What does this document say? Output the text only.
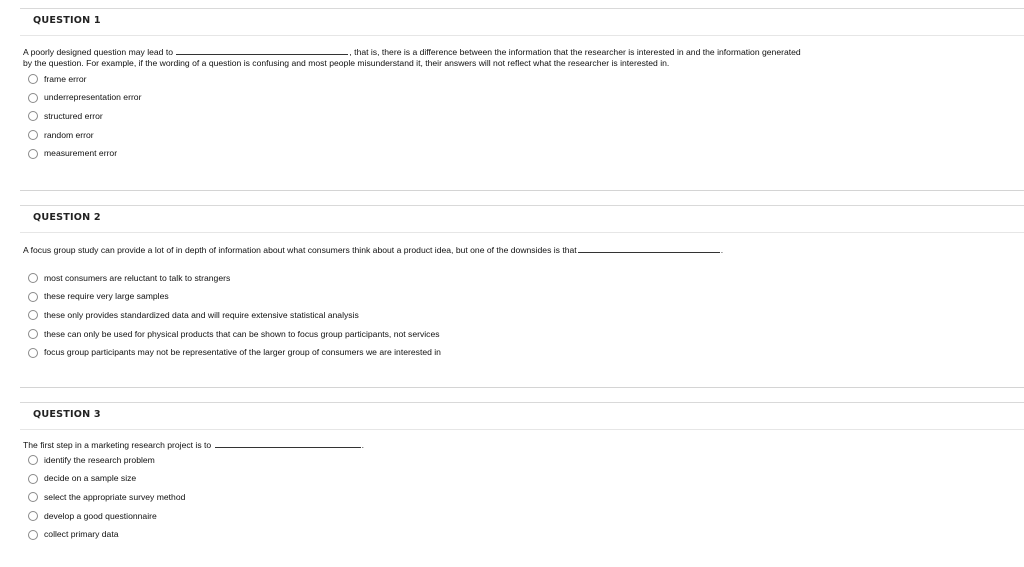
QUESTION 1
A poorly designed question may lead to	, that is, there is a difference between the information that the researcher is interested in and the information generated
by the question. For example, if the wording of a question is confusing and most people misunderstand it, their answers will not reflect what the researcher is interested in.
frame error
underrepresentation error
structured error
random error
measurement error
QUESTION 2
A focus group study can provide a lot of in depth of information about what consumers think about a product idea, but one of the downsides is that	.
most consumers are reluctant to talk to strangers
these require very large samples
these only provides standardized data and will require extensive statistical analysis
these can only be used for physical products that can be shown to focus group participants, not services
focus group participants may not be representative of the larger group of consumers we are interested in
QUESTION 3
The first step in a marketing research project is to	.
identify the research problem
decide on a sample size
select the appropriate survey method
develop a good questionnaire
collect primary data
